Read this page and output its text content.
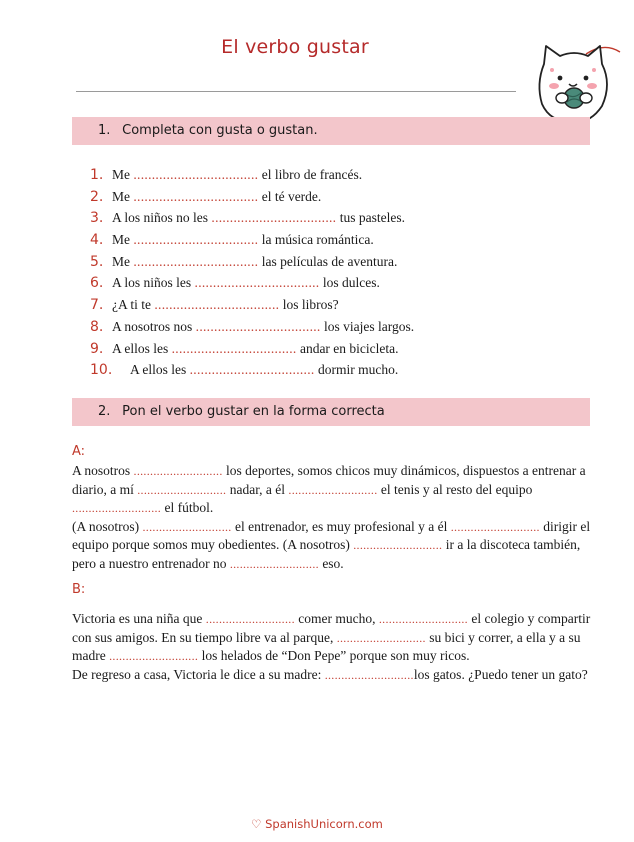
El verbo gustar
1. Completa con gusta o gustan.
1. Me .................................. el libro de francés.
2. Me .................................. el té verde.
3. A los niños no les .................................. tus pasteles.
4. Me .................................. la música romántica.
5. Me .................................. las películas de aventura.
6. A los niños les .................................. los dulces.
7. ¿A ti te .................................. los libros?
8. A nosotros nos .................................. los viajes largos.
9. A ellos les .................................. andar en bicicleta.
10. A ellos les .................................. dormir mucho.
2. Pon el verbo gustar en la forma correcta
A:

A nosotros ........................... los deportes, somos chicos muy dinámicos, dispuestos a entrenar a diario, a mí ........................... nadar, a él ........................... el tenis y al resto del equipo ........................... el fútbol.
(A nosotros) ........................... el entrenador, es muy profesional y a él ........................... dirigir el equipo porque somos muy obedientes. (A nosotros) ........................... ir a la discoteca también, pero a nuestro entrenador no ........................... eso.

B:

Victoria es una niña que ........................... comer mucho, ........................... el colegio y compartir con sus amigos. En su tiempo libre va al parque, ........................... su bici y correr, a ella y a su madre ........................... los helados de “Don Pepe” porque son muy ricos.
De regreso a casa, Victoria le dice a su madre: ...........................los gatos. ¿Puedo tener un gato?

♡ SpanishUnicorn.com
